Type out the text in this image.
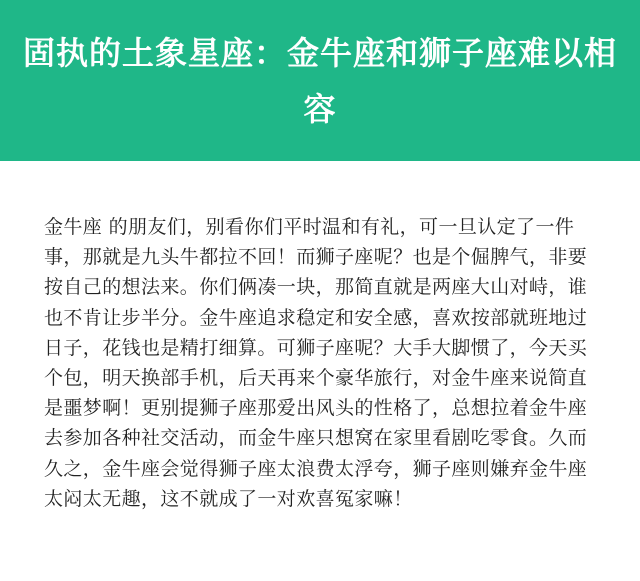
固执的土象星座：金牛座和狮子座难以相容

金牛座 的朋友们，别看你们平时温和有礼，可一旦认定了一件事，那就是九头牛都拉不回！而狮子座呢？也是个倔脾气，非要按自己的想法来。你们俩凑一块，那简直就是两座大山对峙，谁也不肯让步半分。金牛座追求稳定和安全感，喜欢按部就班地过日子，花钱也是精打细算。可狮子座呢？大手大脚惯了，今天买个包，明天换部手机，后天再来个豪华旅行，对金牛座来说简直是噩梦啊！更别提狮子座那爱出风头的性格了，总想拉着金牛座去参加各种社交活动，而金牛座只想窝在家里看剧吃零食。久而久之，金牛座会觉得狮子座太浪费太浮夸，狮子座则嫌弃金牛座太闷太无趣，这不就成了一对欢喜冤家嘛！
